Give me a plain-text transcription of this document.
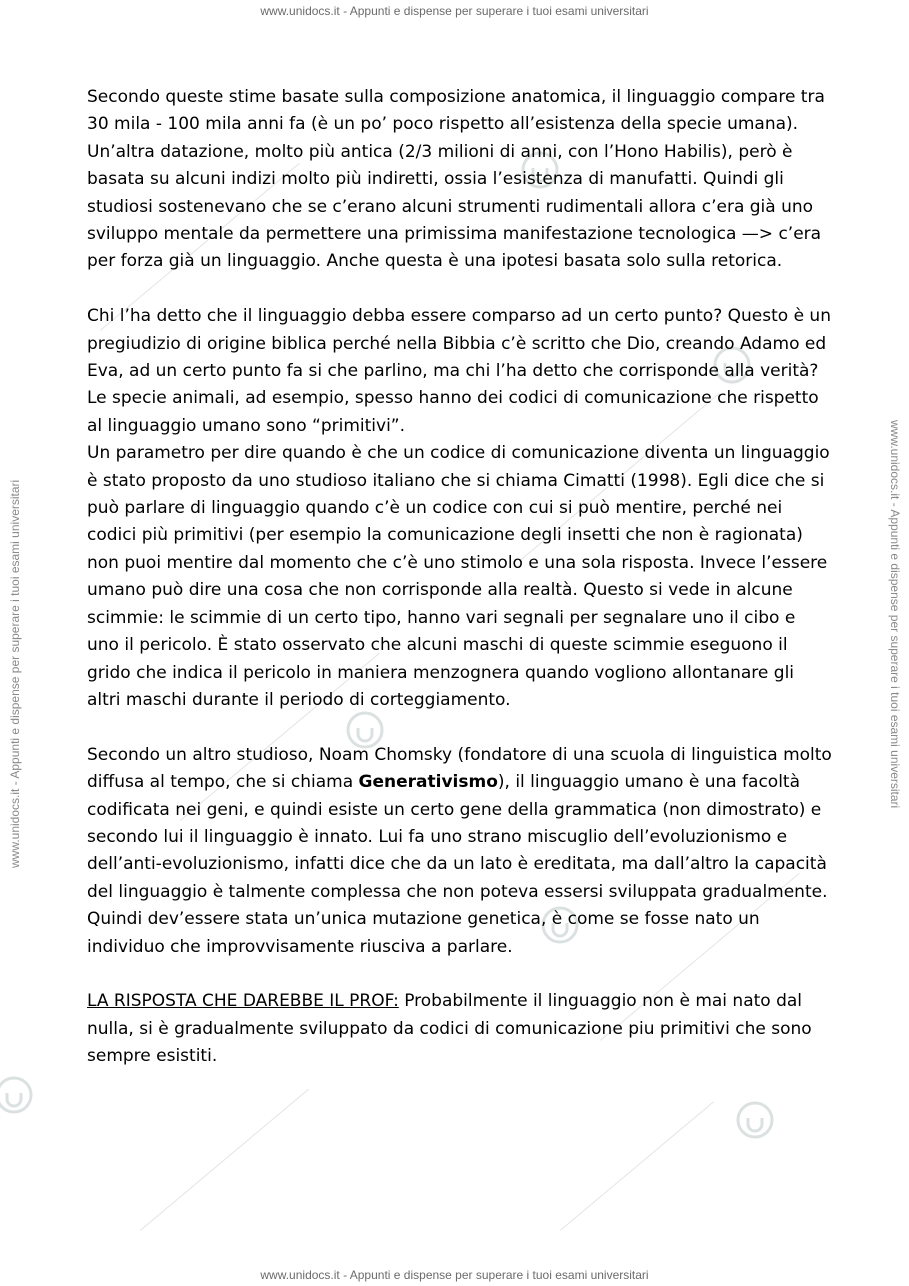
www.unidocs.it - Appunti e dispense per superare i tuoi esami universitari
www.unidocs.it - Appunti e dispense per superare i tuoi esami universitari
www.unidocs.it - Appunti e dispense per superare i tuoi esami universitari	www.unidocs.it - Appunti e dispense per superare i tuoi esami universitari

Secondo queste stime basate sulla composizione anatomica, il linguaggio compare tra 30 mila - 100 mila anni fa (è un po’ poco rispetto all’esistenza della specie umana).

Un’altra datazione, molto più antica (2/3 milioni di anni, con l’Hono Habilis), però è basata su alcuni indizi molto più indiretti, ossia l’esistenza di manufatti. Quindi gli studiosi sostenevano che se c’erano alcuni strumenti rudimentali allora c’era già uno sviluppo mentale da permettere una primissima manifestazione tecnologica —> c’era per forza già un linguaggio. Anche questa è una ipotesi basata solo sulla retorica.

Chi l’ha detto che il linguaggio debba essere comparso ad un certo punto? Questo è un pregiudizio di origine biblica perché nella Bibbia c’è scritto che Dio, creando Adamo ed Eva, ad un certo punto fa si che parlino, ma chi l’ha detto che corrisponde alla verità? Le specie animali, ad esempio, spesso hanno dei codici di comunicazione che rispetto al linguaggio umano sono “primitivi”.

Un parametro per dire quando è che un codice di comunicazione diventa un linguaggio è stato proposto da uno studioso italiano che si chiama Cimatti (1998). Egli dice che si può parlare di linguaggio quando c’è un codice con cui si può mentire, perché nei codici più primitivi (per esempio la comunicazione degli insetti che non è ragionata) non puoi mentire dal momento che c’è uno stimolo e una sola risposta. Invece l’essere umano può dire una cosa che non corrisponde alla realtà. Questo si vede in alcune scimmie: le scimmie di un certo tipo, hanno vari segnali per segnalare uno il cibo e uno il pericolo. È stato osservato che alcuni maschi di queste scimmie eseguono il grido che indica il pericolo in maniera menzognera quando vogliono allontanare gli altri maschi durante il periodo di corteggiamento.

Secondo un altro studioso, Noam Chomsky (fondatore di una scuola di linguistica molto diffusa al tempo, che si chiama Generativismo), il linguaggio umano è una facoltà codificata nei geni, e quindi esiste un certo gene della grammatica (non dimostrato) e secondo lui il linguaggio è innato. Lui fa uno strano miscuglio dell’evoluzionismo e dell’anti-evoluzionismo, infatti dice che da un lato è ereditata, ma dall’altro la capacità del linguaggio è talmente complessa che non poteva essersi sviluppata gradualmente. Quindi dev’essere stata un’unica mutazione genetica, è come se fosse nato un individuo che improvvisamente riusciva a parlare.

LA RISPOSTA CHE DAREBBE IL PROF: Probabilmente il linguaggio non è mai nato dal nulla, si è gradualmente sviluppato da codici di comunicazione piu primitivi che sono sempre esistiti.
